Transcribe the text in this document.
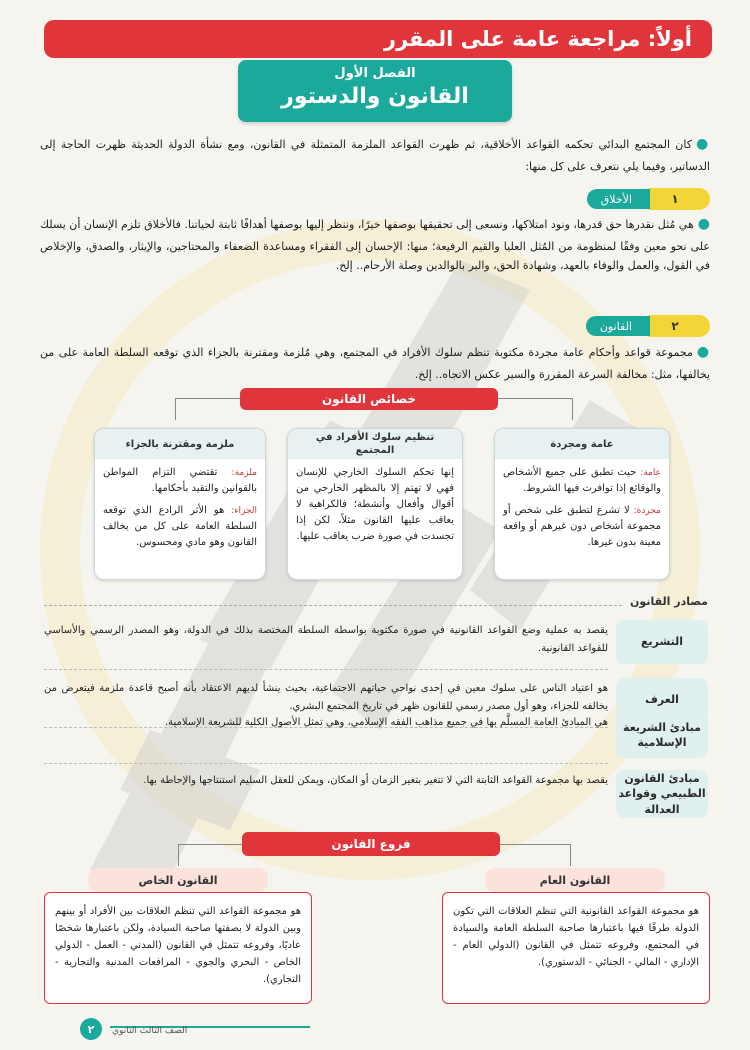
أولاً: مراجعة عامة على المقرر
الفصل الأول
القانون والدستور
●كان المجتمع البدائي تحكمه القواعد الأخلاقية، ثم ظهرت القواعد الملزمة المتمثلة في القانون، ومع نشأة الدولة الحديثة ظهرت الحاجة إلى الدساتير، وفيما يلي نتعرف على كل منها:
١
الأخلاق
●هي مُثل نقدرها حق قدرها، ونود امتلاكها، ونسعى إلى تحقيقها بوصفها خيرًا، وننظر إليها بوصفها أهدافًا ثابتة لحياتنا. فالأخلاق تلزم الإنسان أن يسلك على نحو معين وفقًا لمنظومة من المُثل العليا والقيم الرفيعة؛ منها: الإحسان إلى الفقراء ومساعدة الضعفاء والمحتاجين، والإيثار، والصدق، والإخلاص في القول، والعمل والوفاء بالعهد، وشهادة الحق، والبر بالوالدين وصلة الأرحام.. إلخ.
٢
القانون
●مجموعة قواعد وأحكام عامة مجردة مكتوبة تنظم سلوك الأفراد في المجتمع، وهي مُلزمة ومقترنة بالجزاء الذي توقعه السلطة العامة على من يخالفها، مثل: مخالفة السرعة المقررة والسير عكس الاتجاه.. إلخ.
خصائص القانون
عامة ومجردة
عامة: حيث تطبق على جميع الأشخاص والوقائع إذا توافرت فيها الشروط.
مجردة: لا تشرع لتطبق على شخص أو مجموعة أشخاص دون غيرهم أو واقعة معينة بدون غيرها.
تنظيم سلوك الأفراد في المجتمع
إنها تحكم السلوك الخارجي للإنسان فهي لا تهتم إلا بالمظهر الخارجي من أقوال وأفعال وأنشطة؛ فالكراهية لا يعاقب عليها القانون مثلاً، لكن إذا تجسدت في صورة ضرب يعاقب عليها.
ملزمة ومقترنة بالجزاء
ملزمة: تقتضي التزام المواطن بالقوانين والتقيد بأحكامها.
الجزاء: هو الأثر الرادع الذي توقعه السلطة العامة على كل من يخالف القانون وهو مادي ومحسوس.
مصادر القانون
التشريع
يقصد به عملية وضع القواعد القانونية في صورة مكتوبة بواسطة السلطة المختصة بذلك في الدولة، وهو المصدر الرسمي والأساسي للقواعد القانونية.
العرف
هو اعتياد الناس على سلوك معين في إحدى نواحي حياتهم الاجتماعية، بحيث ينشأ لديهم الاعتقاد بأنه أصبح قاعدة ملزمة فيتعرض من يخالفه للجزاء، وهو أول مصدر رسمي للقانون ظهر في تاريخ المجتمع البشري.
مبادئ الشريعة الإسلامية
هي المبادئ العامة المسلَّم بها في جميع مذاهب الفقه الإسلامي، وهي تمثل الأصول الكلية للشريعة الإسلامية.
مبادئ القانون الطبيعي وقواعد العدالة
يقصد بها مجموعة القواعد الثابتة التي لا تتغير بتغير الزمان أو المكان، ويمكن للعقل السليم استنتاجها والإحاطة بها.
فروع القانون
القانون العام
هو مجموعة القواعد القانونية التي تنظم العلاقات التي تكون الدولة طرفًا فيها باعتبارها صاحبة السلطة العامة والسيادة في المجتمع، وفروعه تتمثل في القانون (الدولي العام - الإداري - المالي - الجنائي - الدستوري).
القانون الخاص
هو مجموعة القواعد التي تنظم العلاقات بين الأفراد أو بينهم وبين الدولة لا بصفتها صاحبة السيادة، ولكن باعتبارها شخصًا عاديًا، وفروعه تتمثل في القانون (المدني - العمل - الدولي الخاص - البحري والجوي - المرافعات المدنية والتجارية - التجاري).
الصف الثالث الثانوي
٢
